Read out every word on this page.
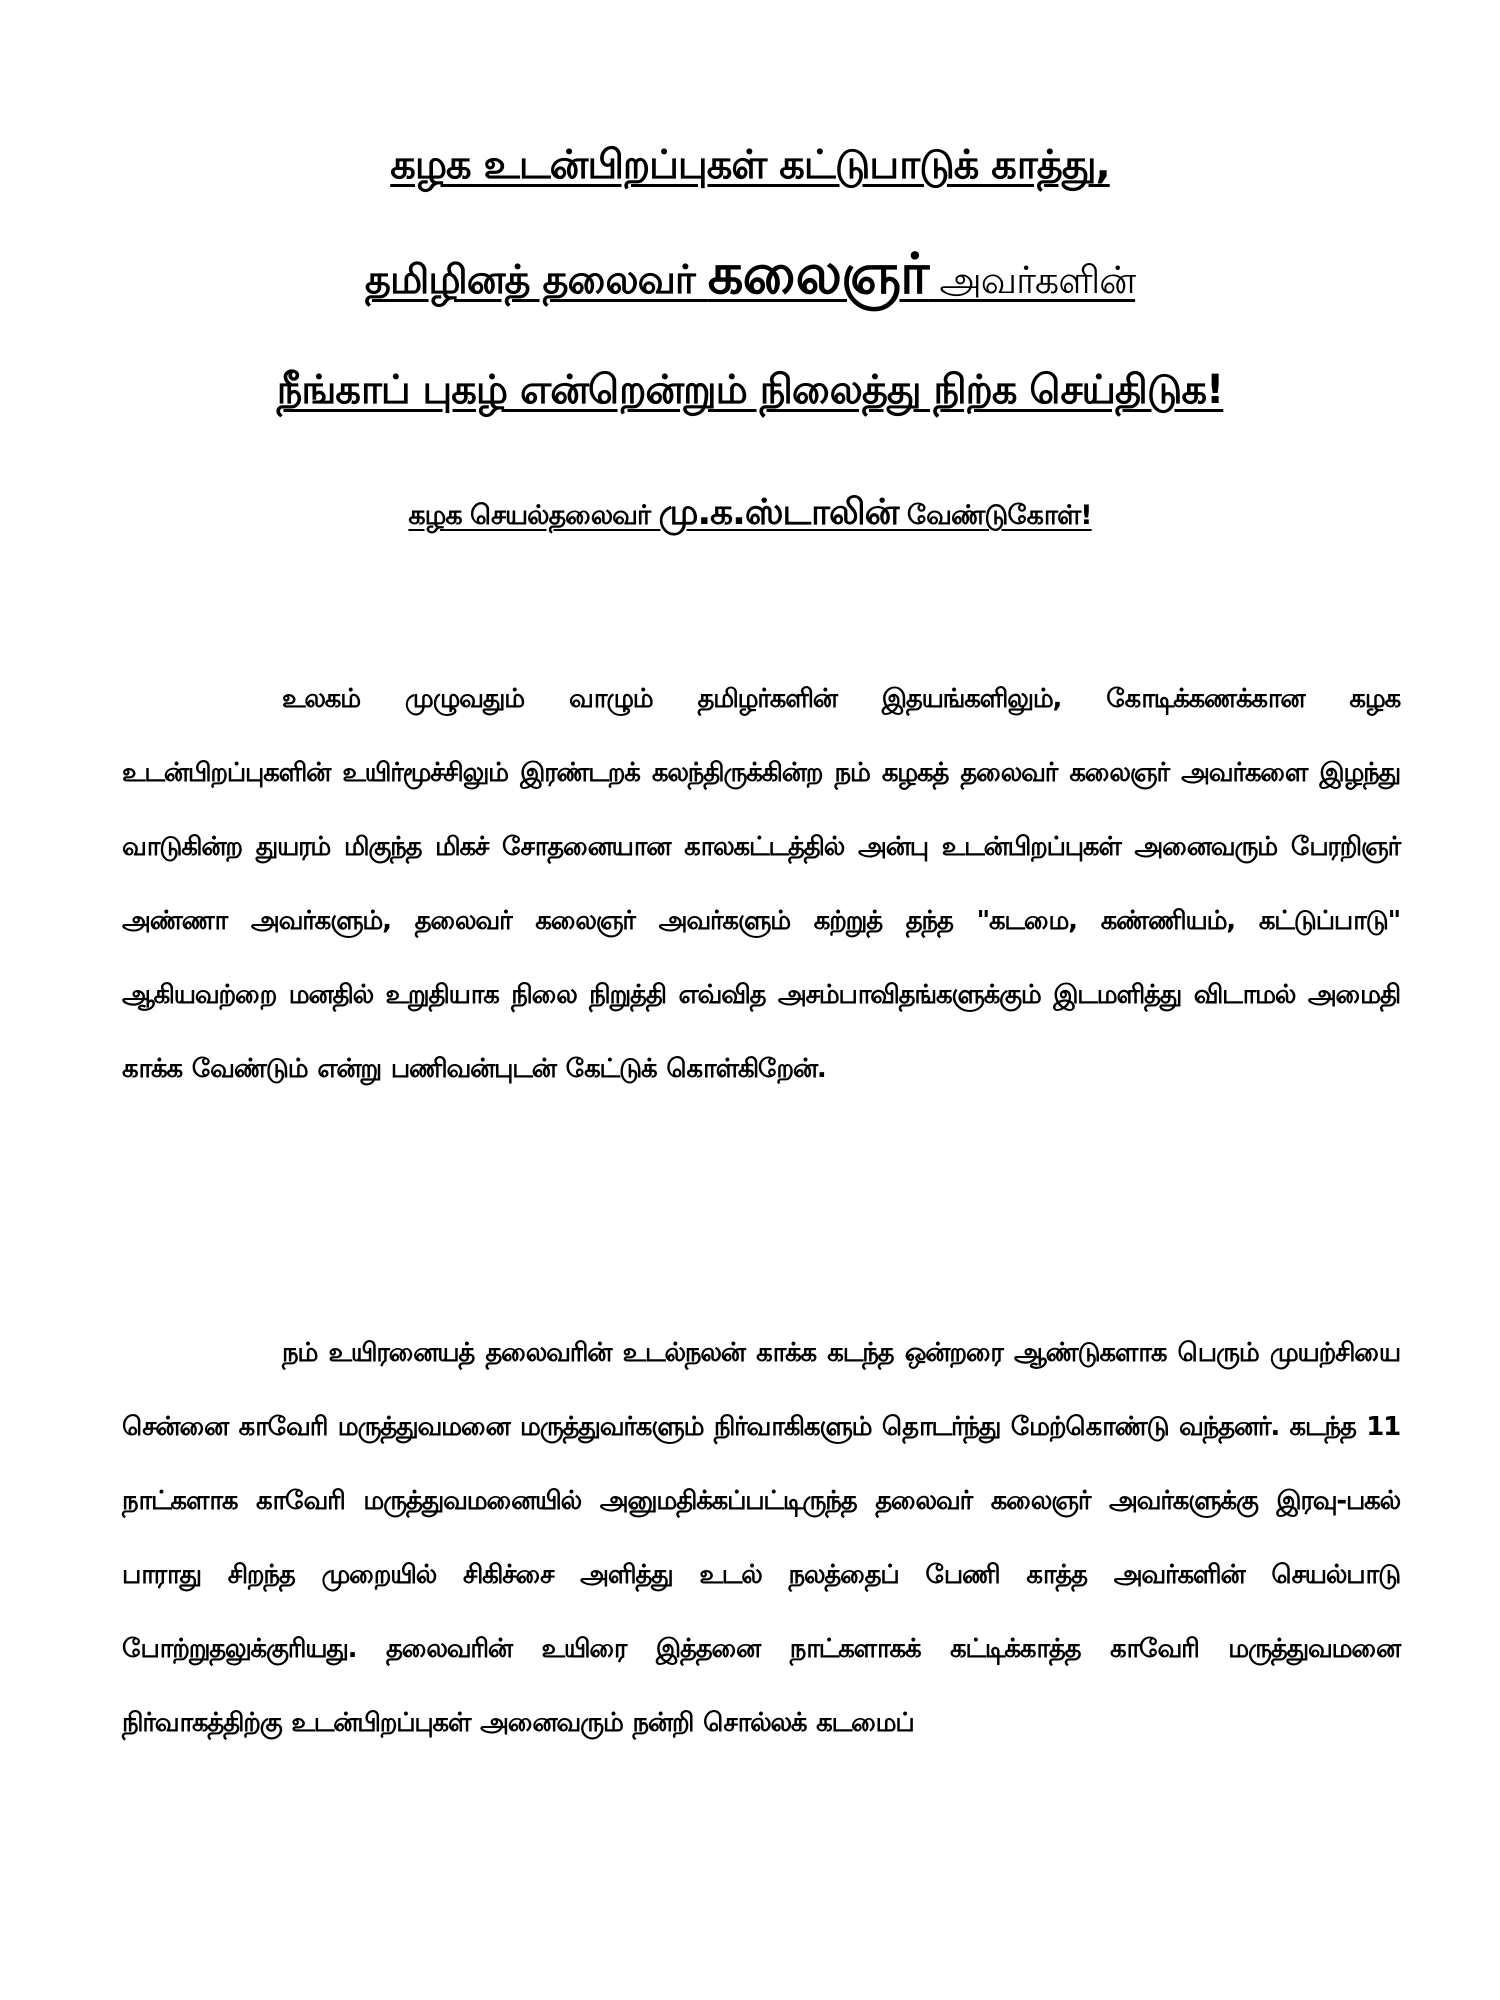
கழக உடன்பிறப்புகள் கட்டுபாடுக் காத்து,
தமிழினத் தலைவர் கலைஞர் அவர்களின்
நீங்காப் புகழ் என்றென்றும் நிலைத்து நிற்க செய்திடுக!
கழக செயல்தலைவர் மு.க.ஸ்டாலின் வேண்டுகோள்!

உலகம் முழுவதும் வாழும் தமிழர்களின் இதயங்களிலும், கோடிக்கணக்கான கழக உடன்பிறப்புகளின் உயிர்மூச்சிலும் இரண்டறக் கலந்திருக்கின்ற நம் கழகத் தலைவர் கலைஞர் அவர்களை இழந்து வாடுகின்ற துயரம் மிகுந்த மிகச் சோதனையான காலகட்டத்தில் அன்பு உடன்பிறப்புகள் அனைவரும் பேரறிஞர் அண்ணா அவர்களும், தலைவர் கலைஞர் அவர்களும் கற்றுத் தந்த "கடமை, கண்ணியம், கட்டுப்பாடு" ஆகியவற்றை மனதில் உறுதியாக நிலை நிறுத்தி எவ்வித அசம்பாவிதங்களுக்கும் இடமளித்து விடாமல் அமைதி காக்க வேண்டும் என்று பணிவன்புடன் கேட்டுக் கொள்கிறேன்.

நம் உயிரனையத் தலைவரின் உடல்நலன் காக்க கடந்த ஒன்றரை ஆண்டுகளாக பெரும் முயற்சியை சென்னை காவேரி மருத்துவமனை மருத்துவர்களும் நிர்வாகிகளும் தொடர்ந்து மேற்கொண்டு வந்தனர். கடந்த 11 நாட்களாக காவேரி மருத்துவமனையில் அனுமதிக்கப்பட்டிருந்த தலைவர் கலைஞர் அவர்களுக்கு இரவு-பகல் பாராது சிறந்த முறையில் சிகிச்சை அளித்து உடல் நலத்தைப் பேணி காத்த அவர்களின் செயல்பாடு போற்றுதலுக்குரியது. தலைவரின் உயிரை இத்தனை நாட்களாகக் கட்டிக்காத்த காவேரி மருத்துவமனை நிர்வாகத்திற்கு உடன்பிறப்புகள் அனைவரும் நன்றி சொல்லக் கடமைப்
